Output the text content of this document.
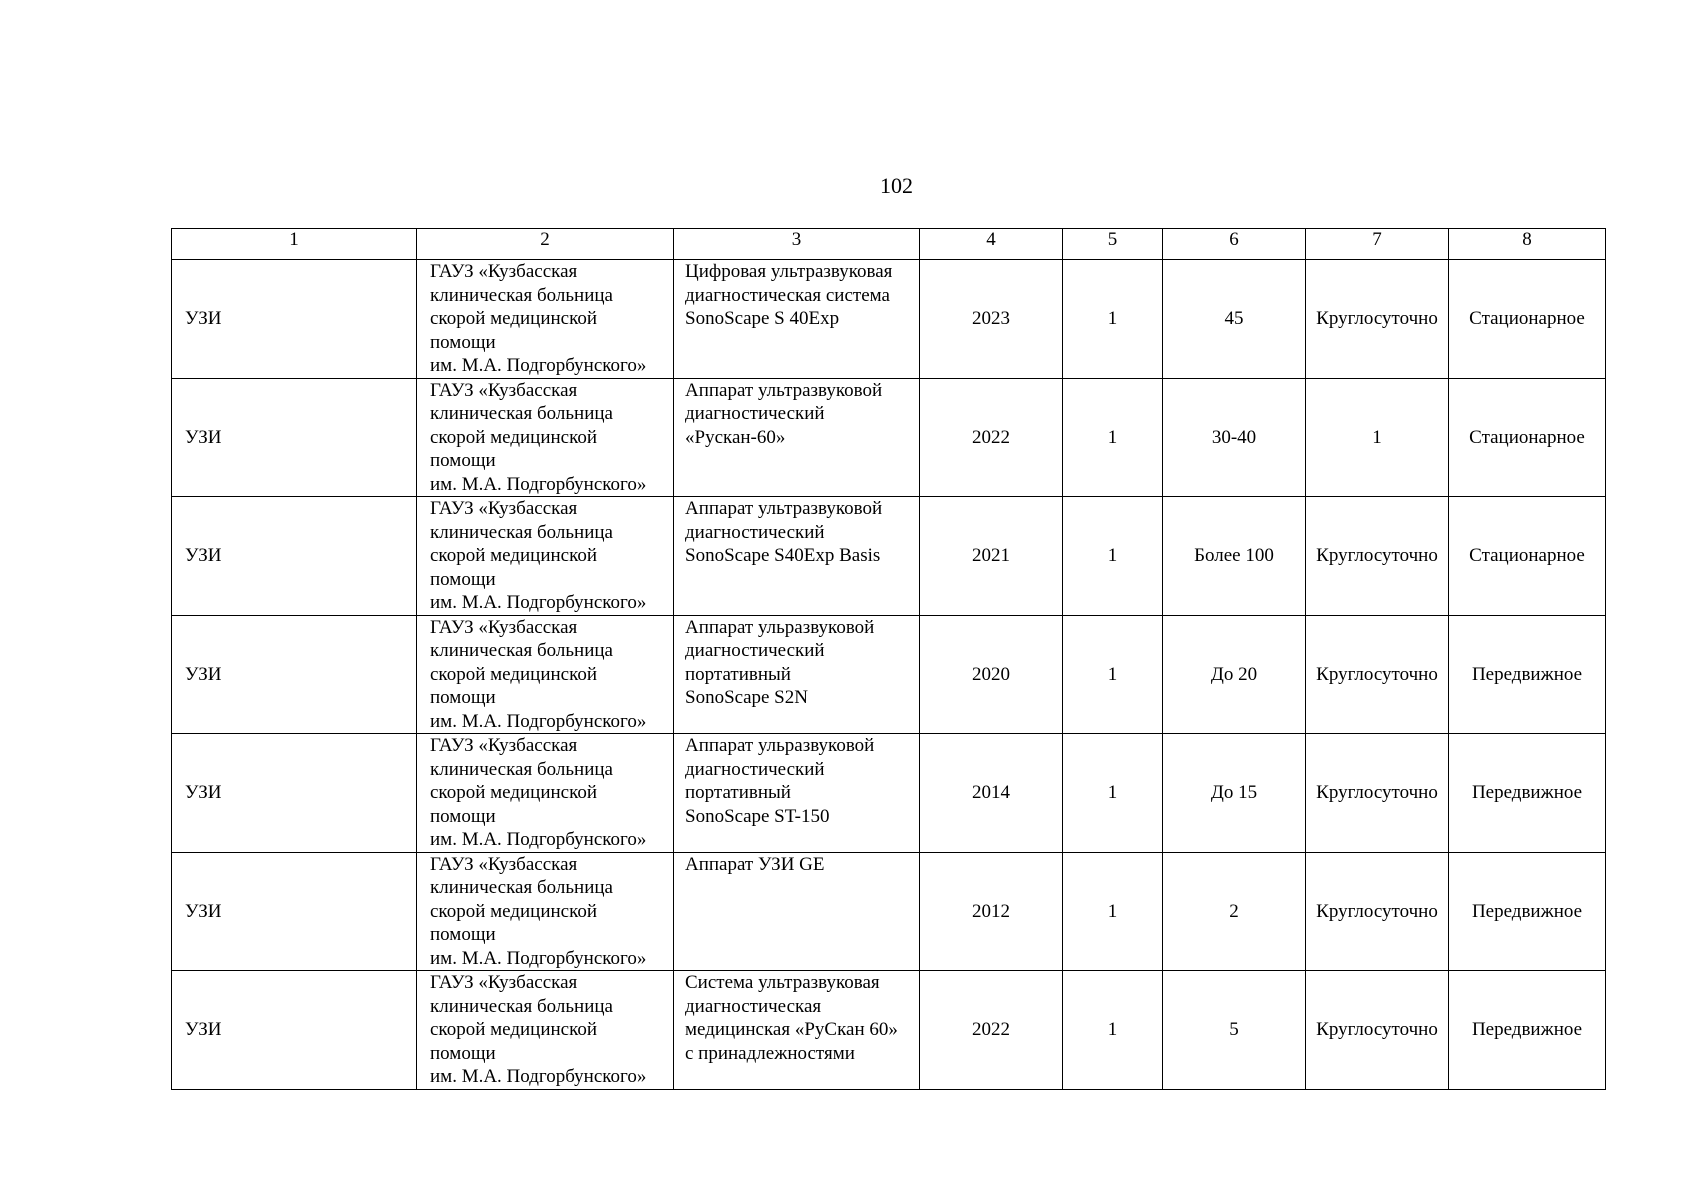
102
1	2	3	4	5	6	7	8
УЗИ	ГАУЗ «Кузбасская
клиническая больница
скорой медицинской
помощи
им. М.А. Подгорбунского»	Цифровая ультразвуковая
диагностическая система
SonoScape S 40Exp	2023	1	45	Круглосуточно	Стационарное
УЗИ	ГАУЗ «Кузбасская
клиническая больница
скорой медицинской
помощи
им. М.А. Подгорбунского»	Аппарат ультразвуковой
диагностический
«Рускан-60»	2022	1	30-40	1	Стационарное
УЗИ	ГАУЗ «Кузбасская
клиническая больница
скорой медицинской
помощи
им. М.А. Подгорбунского»	Аппарат ультразвуковой
диагностический
SonoScape S40Exp Basis	2021	1	Более 100	Круглосуточно	Стационарное
УЗИ	ГАУЗ «Кузбасская
клиническая больница
скорой медицинской
помощи
им. М.А. Подгорбунского»	Аппарат ульразвуковой
диагностический
портативный
SonoScape S2N	2020	1	До 20	Круглосуточно	Передвижное
УЗИ	ГАУЗ «Кузбасская
клиническая больница
скорой медицинской
помощи
им. М.А. Подгорбунского»	Аппарат ульразвуковой
диагностический
портативный
SonoScape ST-150	2014	1	До 15	Круглосуточно	Передвижное
УЗИ	ГАУЗ «Кузбасская
клиническая больница
скорой медицинской
помощи
им. М.А. Подгорбунского»	Аппарат УЗИ GE	2012	1	2	Круглосуточно	Передвижное
УЗИ	ГАУЗ «Кузбасская
клиническая больница
скорой медицинской
помощи
им. М.А. Подгорбунского»	Система ультразвуковая
диагностическая
медицинская «РуСкан 60»
с принадлежностями	2022	1	5	Круглосуточно	Передвижное
